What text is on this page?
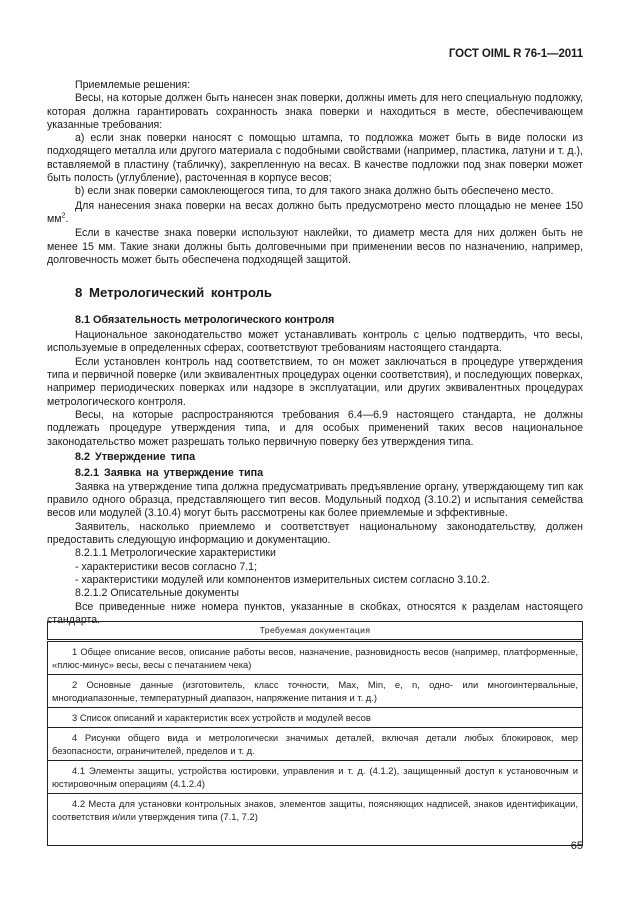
ГОСТ OIML R 76-1—2011

Приемлемые решения:

Весы, на которые должен быть нанесен знак поверки, должны иметь для него специальную подложку, которая должна гарантировать сохранность знака поверки и находиться в месте, обеспечивающем указанные требования:

a) если знак поверки наносят с помощью штампа, то подложка может быть в виде полоски из подходящего металла или другого материала с подобными свойствами (например, пластика, латуни и т. д.), вставляемой в пластину (табличку), закрепленную на весах. В качестве подложки под знак поверки может быть полость (углубление), расточенная в корпусе весов;

b) если знак поверки самоклеющегося типа, то для такого знака должно быть обеспечено место.

Для нанесения знака поверки на весах должно быть предусмотрено место площадью не менее 150 $мм^2$.

Если в качестве знака поверки используют наклейки, то диаметр места для них должен быть не менее 15 мм. Такие знаки должны быть долговечными при применении весов по назначению, например, долговечность может быть обеспечена подходящей защитой.

8 Метрологический контроль
8.1 Обязательность метрологического контроля

Национальное законодательство может устанавливать контроль с целью подтвердить, что весы, используемые в определенных сферах, соответствуют требованиям настоящего стандарта.

Если установлен контроль над соответствием, то он может заключаться в процедуре утверждения типа и первичной поверке (или эквивалентных процедурах оценки соответствия), и последующих поверках, например периодических поверках или надзоре в эксплуатации, или других эквивалентных процедурах метрологического контроля.

Весы, на которые распространяются требования 6.4—6.9 настоящего стандарта, не должны подлежать процедуре утверждения типа, и для особых применений таких весов национальное законодательство может разрешать только первичную поверку без утверждения типа.

8.2 Утверждение типа
8.2.1 Заявка на утверждение типа

Заявка на утверждение типа должна предусматривать предъявление органу, утверждающему тип как правило одного образца, представляющего тип весов. Модульный подход (3.10.2) и испытания семейства весов или модулей (3.10.4) могут быть рассмотрены как более приемлемые и эффективные.

Заявитель, насколько приемлемо и соответствует национальному законодательству, должен предоставить следующую информацию и документацию.

8.2.1.1 Метрологические характеристики

- характеристики весов согласно 7.1;

- характеристики модулей или компонентов измерительных систем согласно 3.10.2.

8.2.1.2 Описательные документы

Все приведенные ниже номера пунктов, указанные в скобках, относятся к разделам настоящего стандарта.

Требуемая документация

1 Общее описание весов, описание работы весов, назначение, разновидность весов (например, платформенные, «плюс-минус» весы, весы с печатанием чека)

2 Основные данные (изготовитель, класс точности, Max, Min, e, n, одно- или многоинтервальные, многодиапазонные, температурный диапазон, напряжение питания и т. д.)

3 Список описаний и характеристик всех устройств и модулей весов

4 Рисунки общего вида и метрологически значимых деталей, включая детали любых блокировок, мер безопасности, ограничителей, пределов и т. д.

4.1 Элементы защиты, устройства юстировки, управления и т. д. (4.1.2), защищенный доступ к установочным и юстировочным операциям (4.1.2.4)

4.2 Места для установки контрольных знаков, элементов защиты, поясняющих надписей, знаков идентификации, соответствия и/или утверждения типа (7.1, 7.2)
65
